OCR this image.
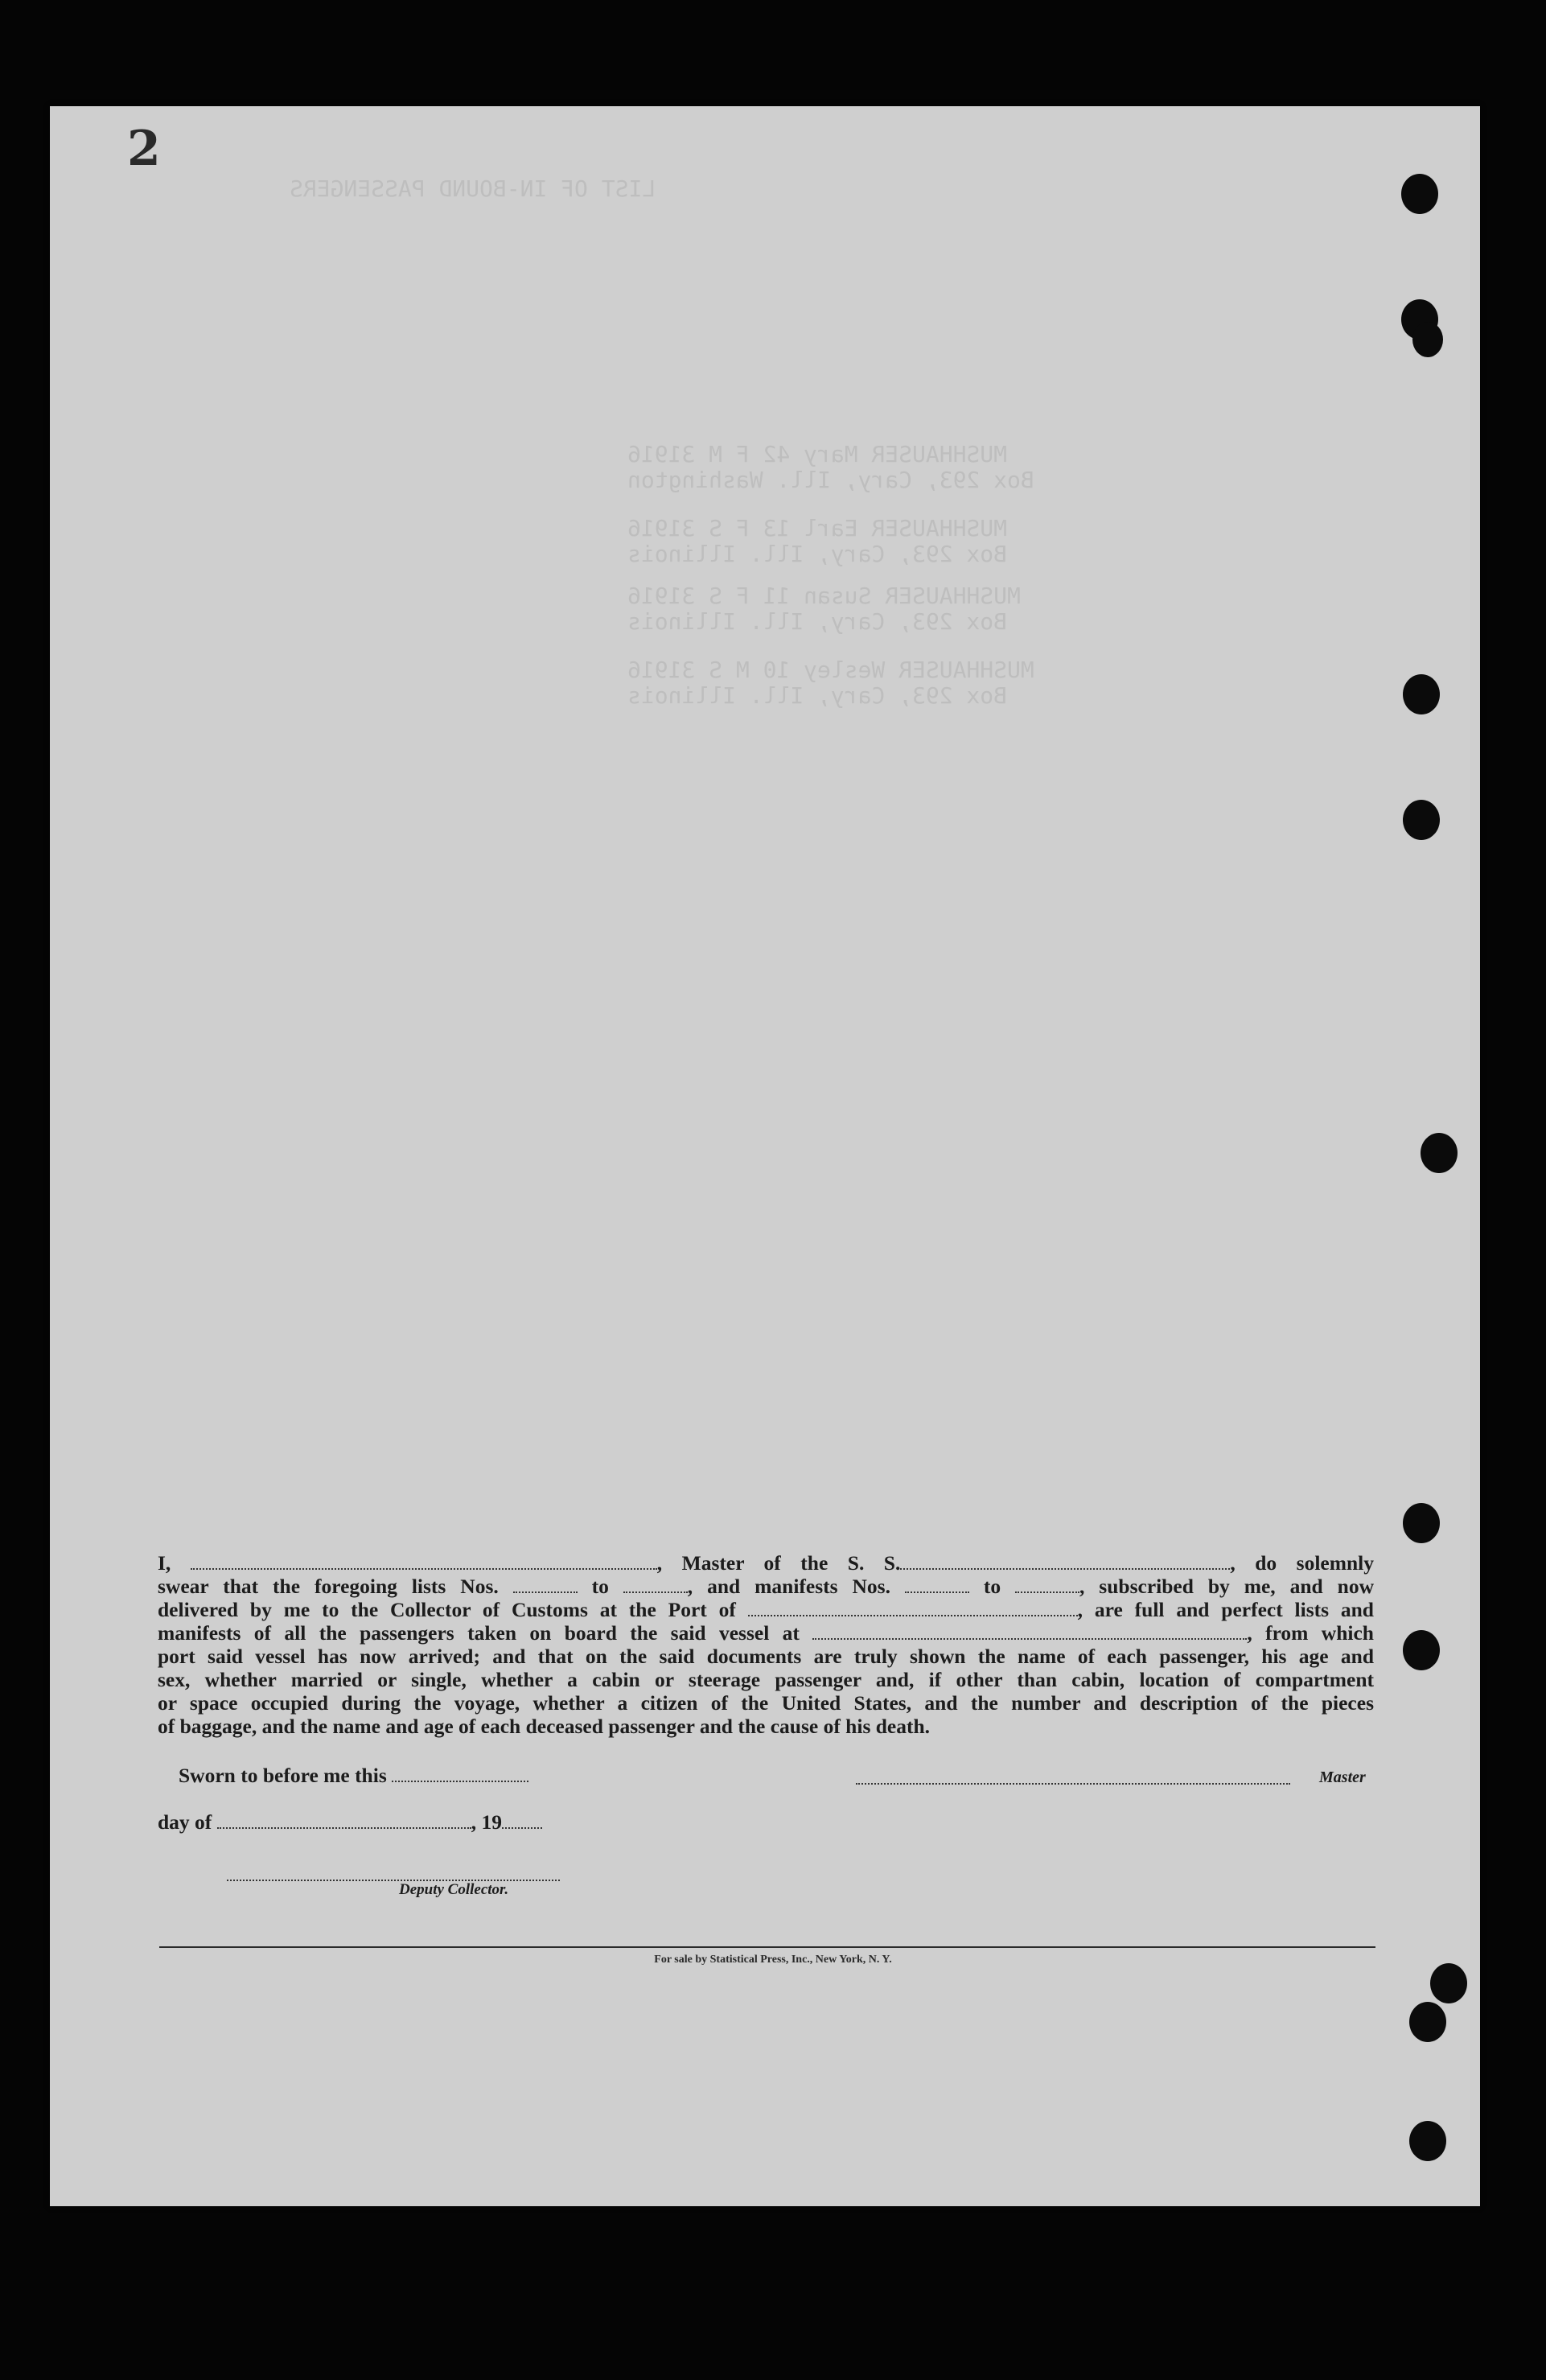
2
LIST OF IN-BOUND PASSENGERS
MUSHHAUSER Mary 42 F M 31916
Box 293, Cary, Ill. Washington
MUSHHAUSER Earl 13 F S 31916
Box 293, Cary, Ill. Illinois
MUSHHAUSER Susan 11 F S 31916
Box 293, Cary, Ill. Illinois
MUSHHAUSER Wesley 10 M S 31916
Box 293, Cary, Ill. Illinois
I,	, Master of the S. S.	, do solemnly
swear that the foregoing lists Nos.	to	, and manifests Nos.	to	, subscribed by me, and now
delivered by me to the Collector of Customs at the Port of	, are full and perfect lists and
manifests of all the passengers taken on board the said vessel at	, from which
port said vessel has now arrived; and that on the said documents are truly shown the name of each passenger, his age and
sex, whether married or single, whether a cabin or steerage passenger and, if other than cabin, location of compartment
or space occupied during the voyage, whether a citizen of the United States, and the number and description of the pieces
of baggage, and the name and age of each deceased passenger and the cause of his death.
Sworn to before me this	Master
day of	, 19
Deputy Collector.
For sale by Statistical Press, Inc., New York, N. Y.
